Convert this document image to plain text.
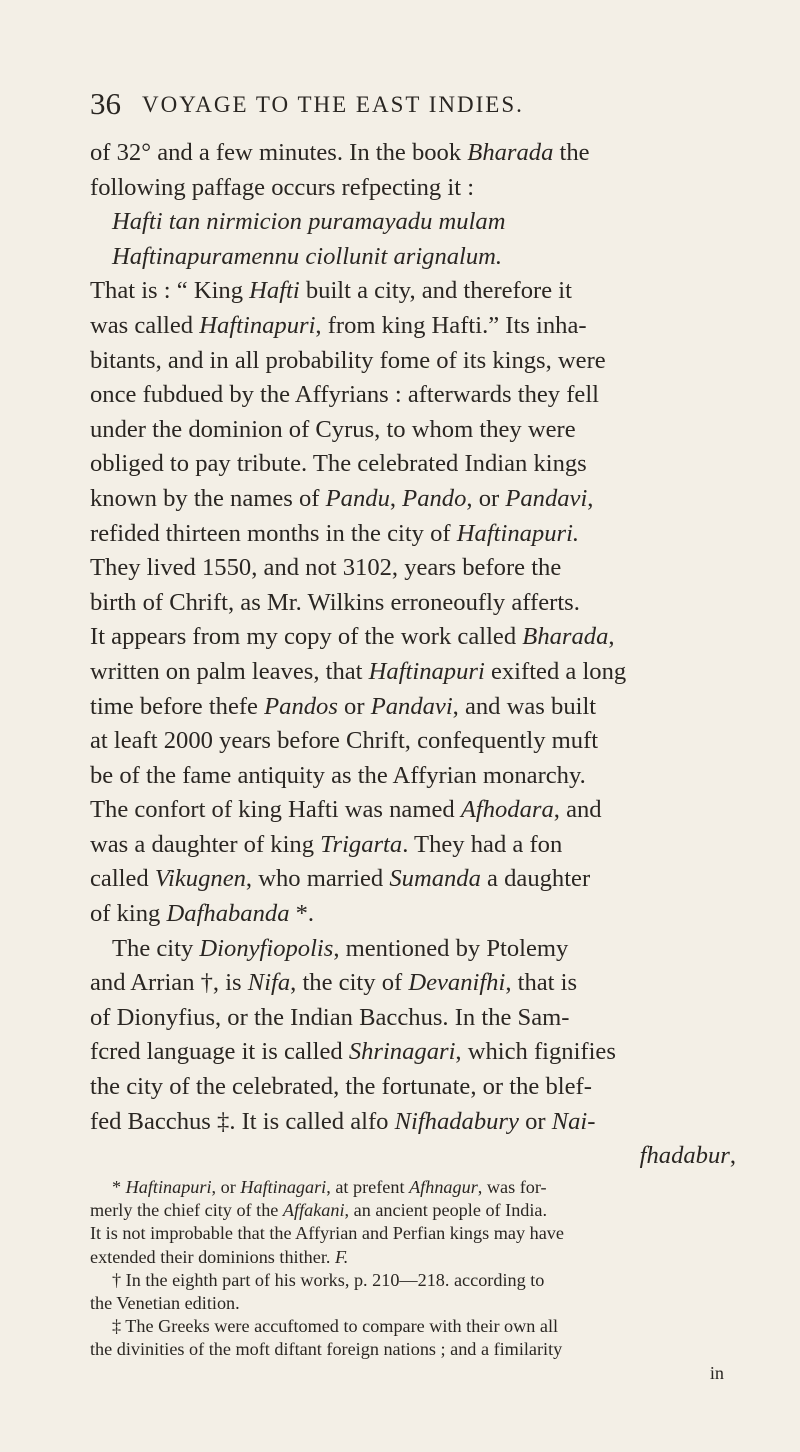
36 VOYAGE TO THE EAST INDIES.
of 32° and a few minutes. In the book Bharada the
following paffage occurs refpecting it :
Hafti tan nirmicion puramayadu mulam
Haftinapuramennu ciollunit arignalum.
That is : “ King Hafti built a city, and therefore it
was called Haftinapuri, from king Hafti.” Its inha-
bitants, and in all probability fome of its kings, were
once fubdued by the Affyrians : afterwards they fell
under the dominion of Cyrus, to whom they were
obliged to pay tribute. The celebrated Indian kings
known by the names of Pandu, Pando, or Pandavi,
refided thirteen months in the city of Haftinapuri.
They lived 1550, and not 3102, years before the
birth of Chrift, as Mr. Wilkins erroneoufly afferts.
It appears from my copy of the work called Bharada,
written on palm leaves, that Haftinapuri exifted a long
time before thefe Pandos or Pandavi, and was built
at leaft 2000 years before Chrift, confequently muft
be of the fame antiquity as the Affyrian monarchy.
The confort of king Hafti was named Afhodara, and
was a daughter of king Trigarta. They had a fon
called Vikugnen, who married Sumanda a daughter
of king Dafhabanda *.
The city Dionyfiopolis, mentioned by Ptolemy
and Arrian †, is Nifa, the city of Devanifhi, that is
of Dionyfius, or the Indian Bacchus. In the Sam-
fcred language it is called Shrinagari, which fignifies
the city of the celebrated, the fortunate, or the blef-
fed Bacchus ‡. It is called alfo Nifhadabury or Nai-
fhadabur,
* Haftinapuri, or Haftinagari, at prefent Afhnagur, was for-
merly the chief city of the Affakani, an ancient people of India.
It is not improbable that the Affyrian and Perfian kings may have
extended their dominions thither. F.
† In the eighth part of his works, p. 210—218. according to
the Venetian edition.
‡ The Greeks were accuftomed to compare with their own all
the divinities of the moft diftant foreign nations ; and a fimilarity
in
